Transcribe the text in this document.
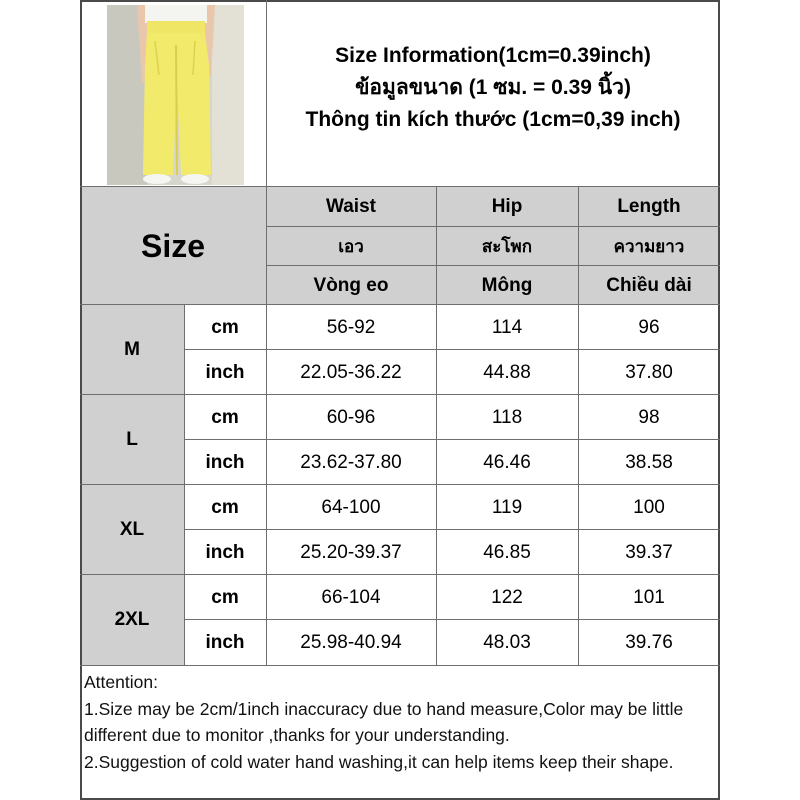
Size Information(1cm=0.39inch)
ข้อมูลขนาด (1 ซม. = 0.39 นิ้ว)
Thông tin kích thước (1cm=0,39 inch)
Size
Waist	Hip	Length
เอว	สะโพก	ความยาว
Vòng eo	Mông	Chiều dài
M
cm	56-92	114	96
inch	22.05-36.22	44.88	37.80
L
cm	60-96	118	98
inch	23.62-37.80	46.46	38.58
XL
cm	64-100	119	100
inch	25.20-39.37	46.85	39.37
2XL
cm	66-104	122	101
inch	25.98-40.94	48.03	39.76

Attention:

1.Size may be 2cm/1inch inaccuracy due to hand measure,Color may be little different due to monitor ,thanks for your understanding.

2.Suggestion of cold water hand washing,it can help items keep their shape.
